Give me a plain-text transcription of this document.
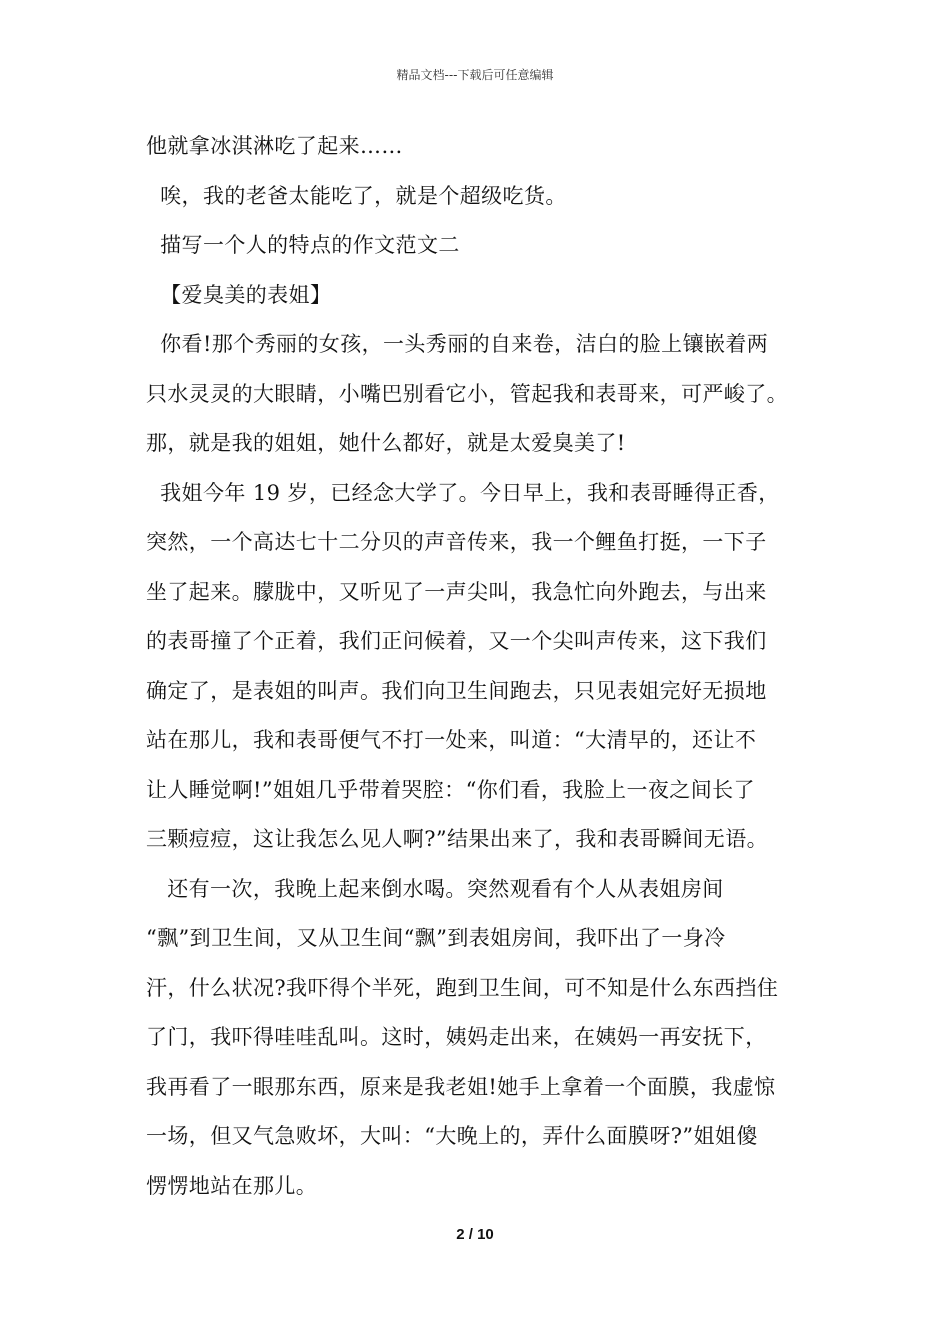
精品文档---下载后可任意编辑
他就拿冰淇淋吃了起来……
唉，我的老爸太能吃了，就是个超级吃货。
描写一个人的特点的作文范文二
【爱臭美的表姐】
你看!那个秀丽的女孩，一头秀丽的自来卷，洁白的脸上镶嵌着两
只水灵灵的大眼睛，小嘴巴别看它小，管起我和表哥来，可严峻了。
那，就是我的姐姐，她什么都好，就是太爱臭美了!
我姐今年 19 岁，已经念大学了。今日早上，我和表哥睡得正香，
突然，一个高达七十二分贝的声音传来，我一个鲤鱼打挺，一下子
坐了起来。朦胧中，又听见了一声尖叫，我急忙向外跑去，与出来
的表哥撞了个正着，我们正问候着，又一个尖叫声传来，这下我们
确定了，是表姐的叫声。我们向卫生间跑去，只见表姐完好无损地
站在那儿，我和表哥便气不打一处来，叫道：“大清早的，还让不
让人睡觉啊!”姐姐几乎带着哭腔：“你们看，我脸上一夜之间长了
三颗痘痘，这让我怎么见人啊?”结果出来了，我和表哥瞬间无语。
还有一次，我晚上起来倒水喝。突然观看有个人从表姐房间
“飘”到卫生间，又从卫生间“飘”到表姐房间，我吓出了一身冷
汗，什么状况?我吓得个半死，跑到卫生间，可不知是什么东西挡住
了门，我吓得哇哇乱叫。这时，姨妈走出来，在姨妈一再安抚下，
我再看了一眼那东西，原来是我老姐!她手上拿着一个面膜，我虚惊
一场，但又气急败坏，大叫：“大晚上的，弄什么面膜呀?”姐姐傻
愣愣地站在那儿。
2 / 10
